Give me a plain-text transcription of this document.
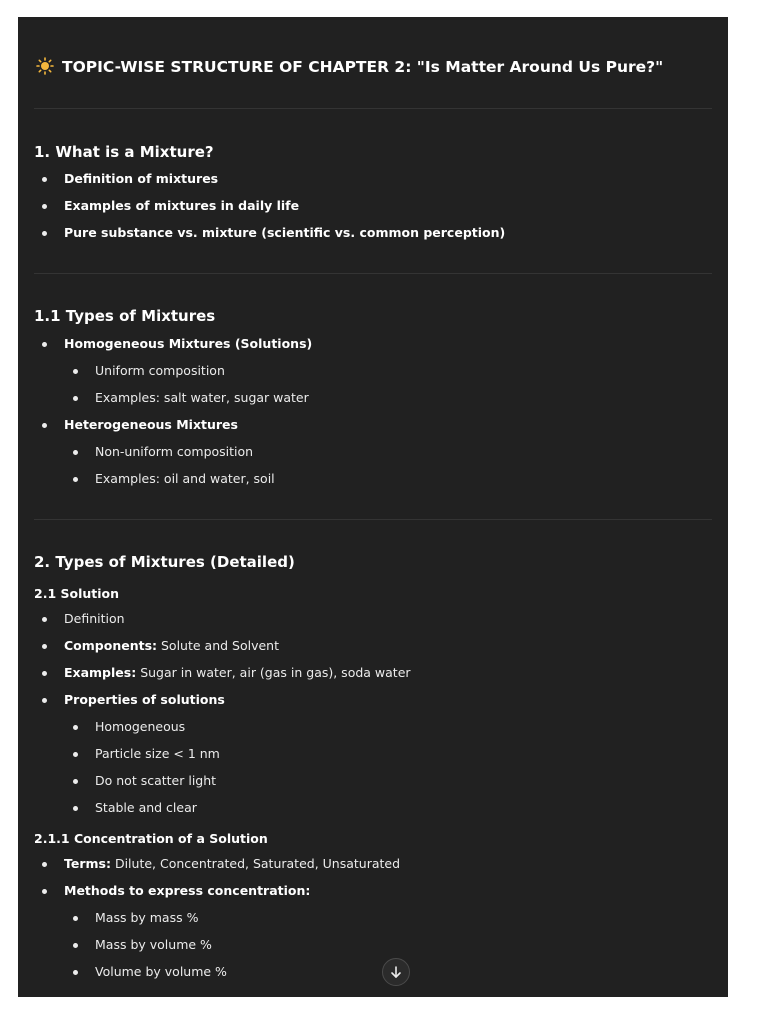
TOPIC-WISE STRUCTURE OF CHAPTER 2: "Is Matter Around Us Pure?"
1. What is a Mixture?
Definition of mixtures
Examples of mixtures in daily life
Pure substance vs. mixture (scientific vs. common perception)
1.1 Types of Mixtures
Homogeneous Mixtures (Solutions)
Uniform composition
Examples: salt water, sugar water
Heterogeneous Mixtures
Non-uniform composition
Examples: oil and water, soil
2. Types of Mixtures (Detailed)
2.1 Solution
Definition
Components: Solute and Solvent
Examples: Sugar in water, air (gas in gas), soda water
Properties of solutions
Homogeneous
Particle size < 1 nm
Do not scatter light
Stable and clear
2.1.1 Concentration of a Solution
Terms: Dilute, Concentrated, Saturated, Unsaturated
Methods to express concentration:
Mass by mass %
Mass by volume %
Volume by volume %
